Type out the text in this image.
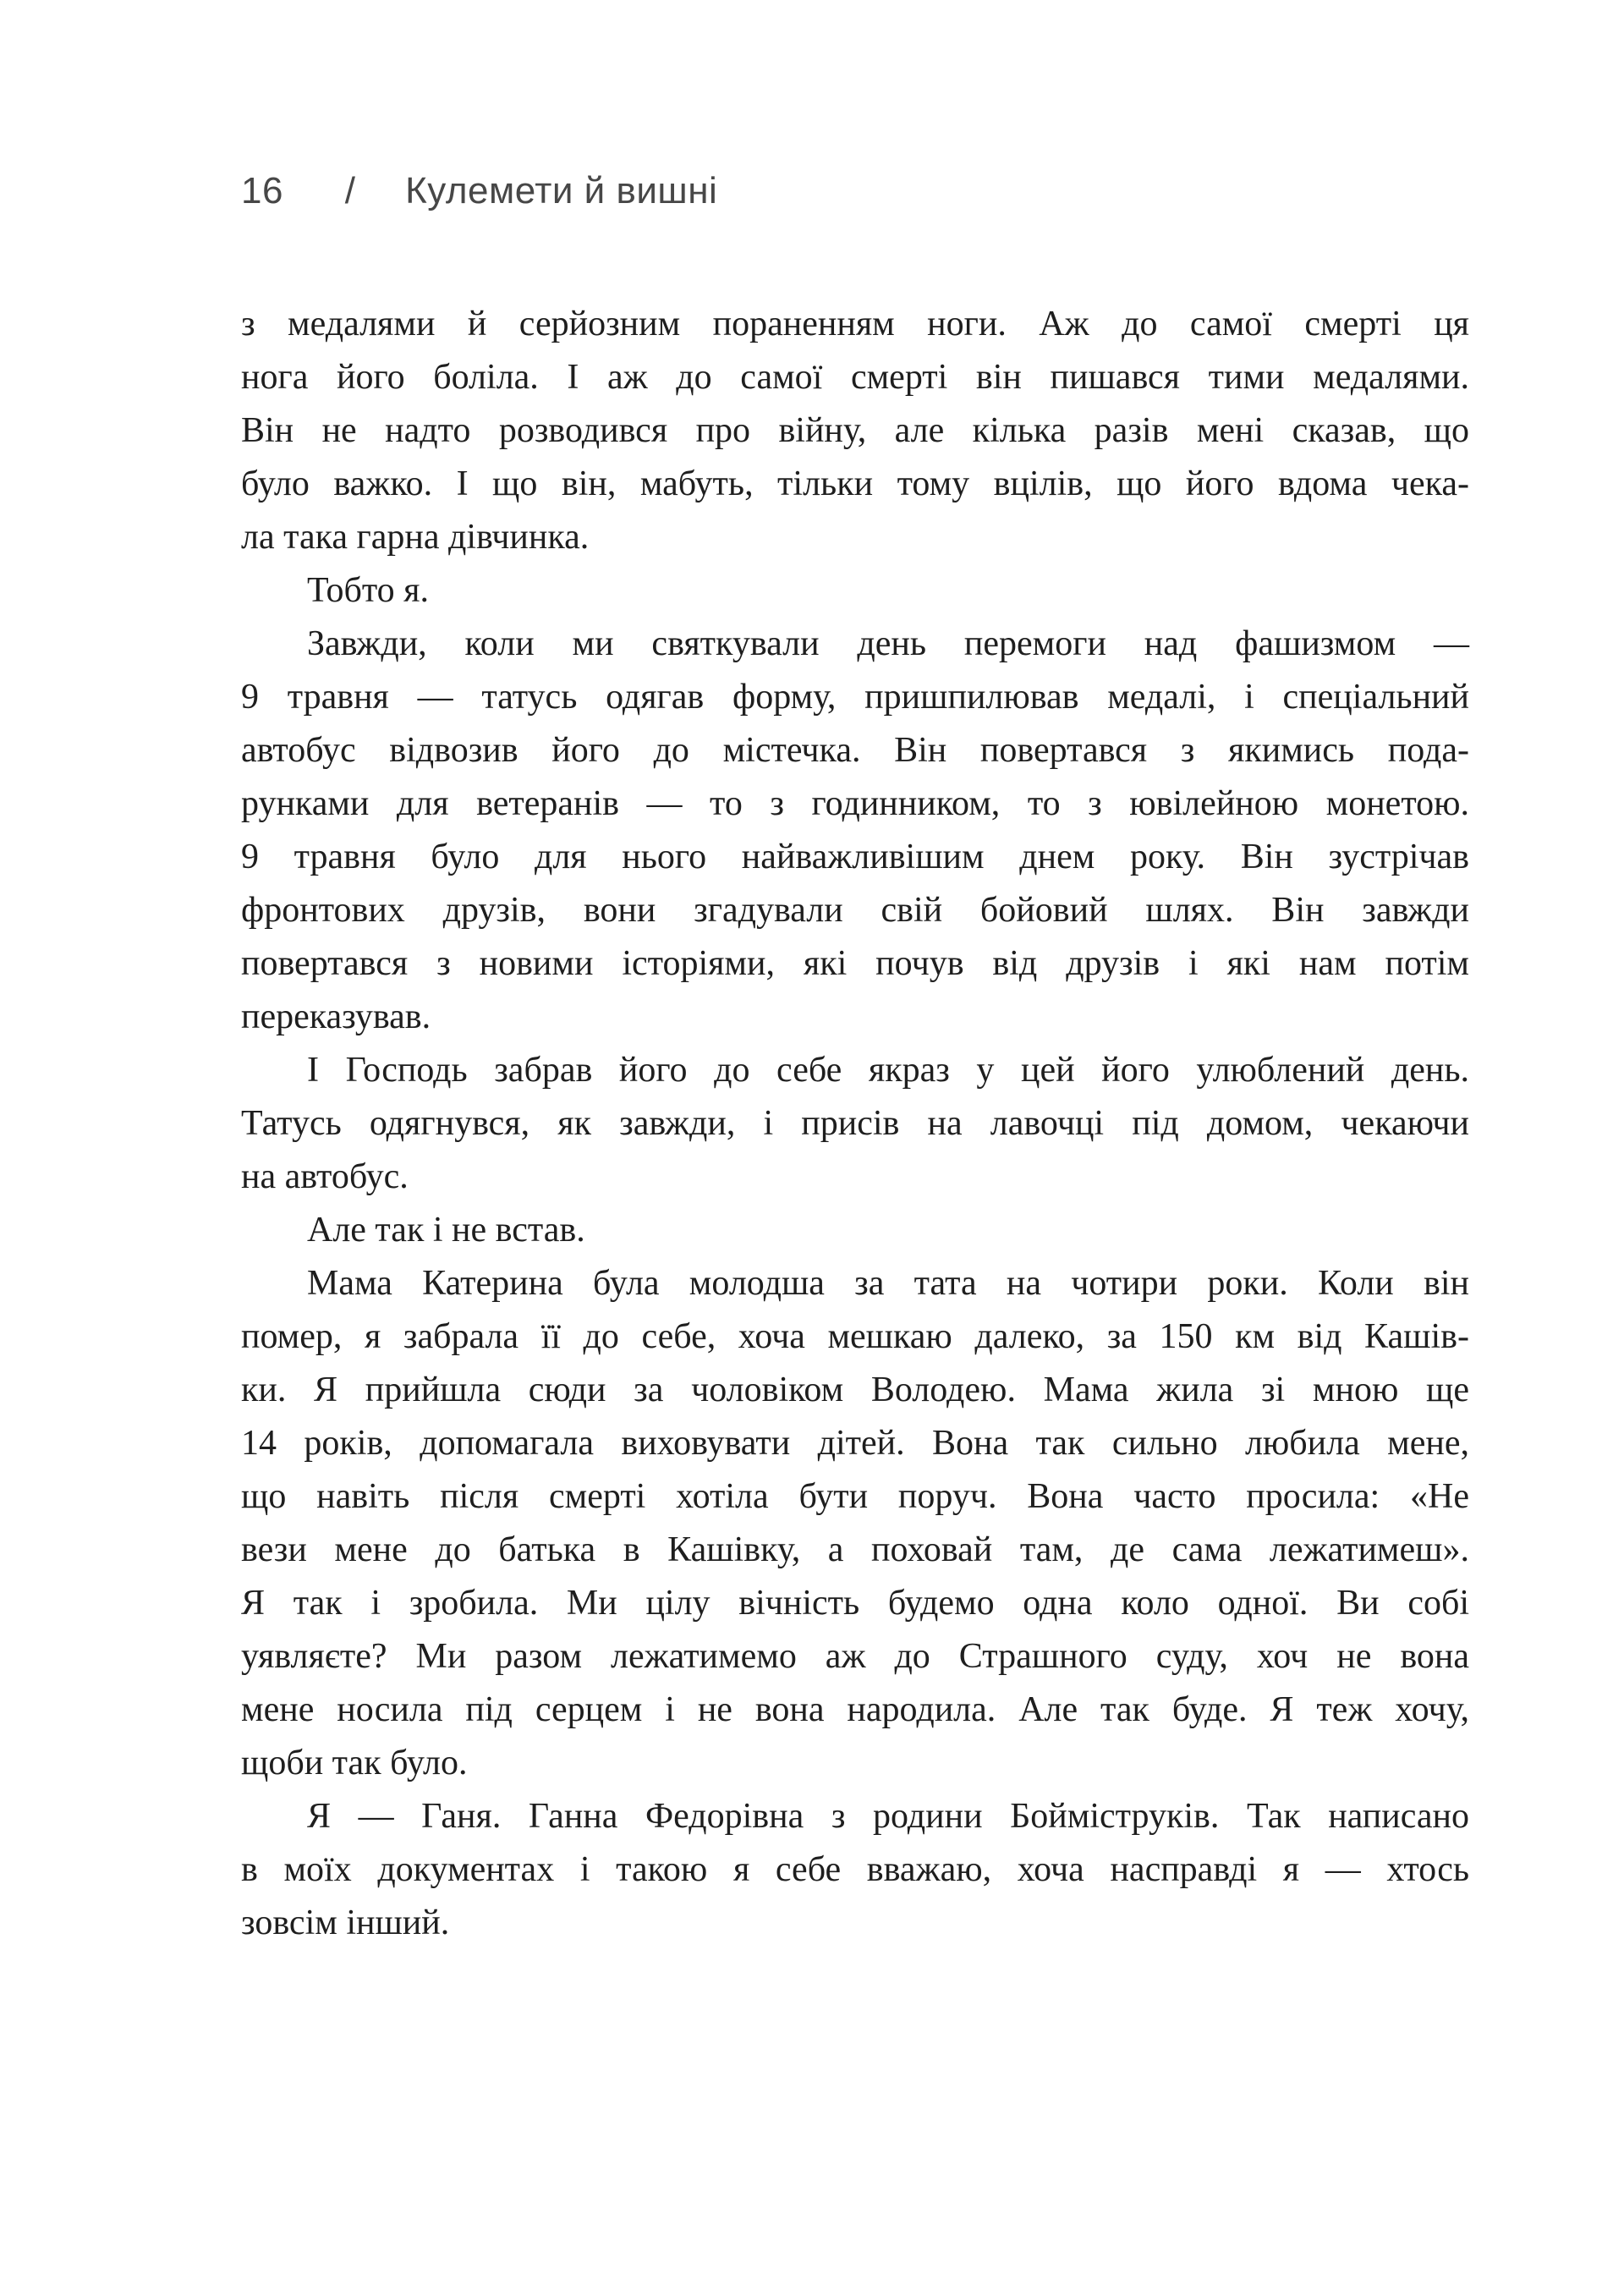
16 / Кулемети й вишні
з медалями й серйозним пораненням ноги. Аж до самої смерті ця
нога його боліла. І аж до самої смерті він пишався тими медалями.
Він не надто розводився про війну, але кілька разів мені сказав, що
було важко. І що він, мабуть, тільки тому вцілів, що його вдома чека-
ла така гарна дівчинка.
Тобто я.
Завжди, коли ми святкували день перемоги над фашизмом —
9 травня — татусь одягав форму, пришпилював медалі, і спеціальний
автобус відвозив його до містечка. Він повертався з якимись пода-
рунками для ветеранів — то з годинником, то з ювілейною монетою.
9 травня було для нього найважливішим днем року. Він зустрічав
фронтових друзів, вони згадували свій бойовий шлях. Він завжди
повертався з новими історіями, які почув від друзів і які нам потім
переказував.
І Господь забрав його до себе якраз у цей його улюблений день.
Татусь одягнувся, як завжди, і присів на лавочці під домом, чекаючи
на автобус.
Але так і не встав.
Мама Катерина була молодша за тата на чотири роки. Коли він
помер, я забрала її до себе, хоча мешкаю далеко, за 150 км від Кашів-
ки. Я прийшла сюди за чоловіком Володею. Мама жила зі мною ще
14 років, допомагала виховувати дітей. Вона так сильно любила мене,
що навіть після смерті хотіла бути поруч. Вона часто просила: «Не
вези мене до батька в Кашівку, а поховай там, де сама лежатимеш».
Я так і зробила. Ми цілу вічність будемо одна коло одної. Ви собі
уявляєте? Ми разом лежатимемо аж до Страшного суду, хоч не вона
мене носила під серцем і не вона народила. Але так буде. Я теж хочу,
щоби так було.
Я — Ганя. Ганна Федорівна з родини Бойміструків. Так написано
в моїх документах і такою я себе вважаю, хоча насправді я — хтось
зовсім інший.
